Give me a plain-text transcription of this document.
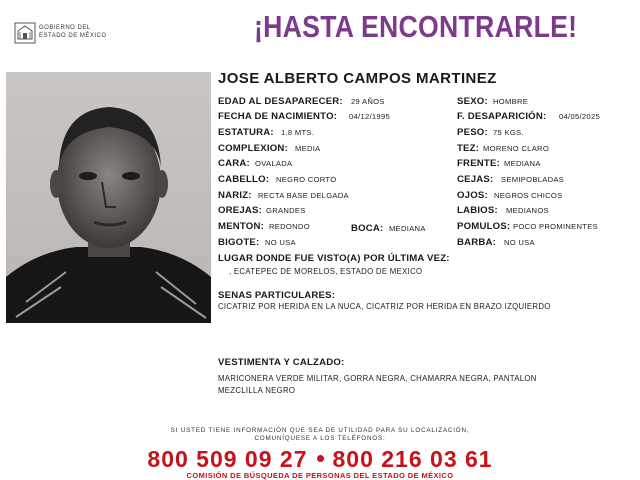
GOBIERNO DEL
ESTADO DE MÉXICO	¡HASTA ENCONTRARLE!
JOSE ALBERTO CAMPOS MARTINEZ
EDAD AL DESAPARECER: 29 AÑOS
FECHA DE NACIMIENTO: 04/12/1995
ESTATURA: 1.8 MTS.
COMPLEXION: MEDIA
CARA: OVALADA
CABELLO: NEGRO CORTO
NARIZ: RECTA BASE DELGADA
OREJAS: GRANDES
MENTON: REDONDO	BOCA: MEDIANA
BIGOTE: NO USA
SEXO: HOMBRE
F. DESAPARICIÓN: 04/05/2025
PESO: 75 KGS.
TEZ: MORENO CLARO
FRENTE: MEDIANA
CEJAS: SEMIPOBLADAS
OJOS: NEGROS CHICOS
LABIOS: MEDIANOS
POMULOS: POCO PROMINENTES
BARBA: NO USA
LUGAR DONDE FUE VISTO(A) POR ÚLTIMA VEZ:
, ECATEPEC DE MORELOS, ESTADO DE MEXICO
SENAS PARTICULARES:
CICATRIZ POR HERIDA EN LA NUCA, CICATRIZ POR HERIDA EN BRAZO IZQUIERDO
VESTIMENTA Y CALZADO:
MARICONERA VERDE MILITAR, GORRA NEGRA, CHAMARRA NEGRA, PANTALON
MEZCLILLA NEGRO
SI USTED TIENE INFORMACIÓN QUE SEA DE UTILIDAD PARA SU LOCALIZACIÓN,
COMUNÍQUESE A LOS TELÉFONOS:
800 509 09 27 800 216 03 61
COMISIÓN DE BÚSQUEDA DE PERSONAS DEL ESTADO DE MÉXICO
